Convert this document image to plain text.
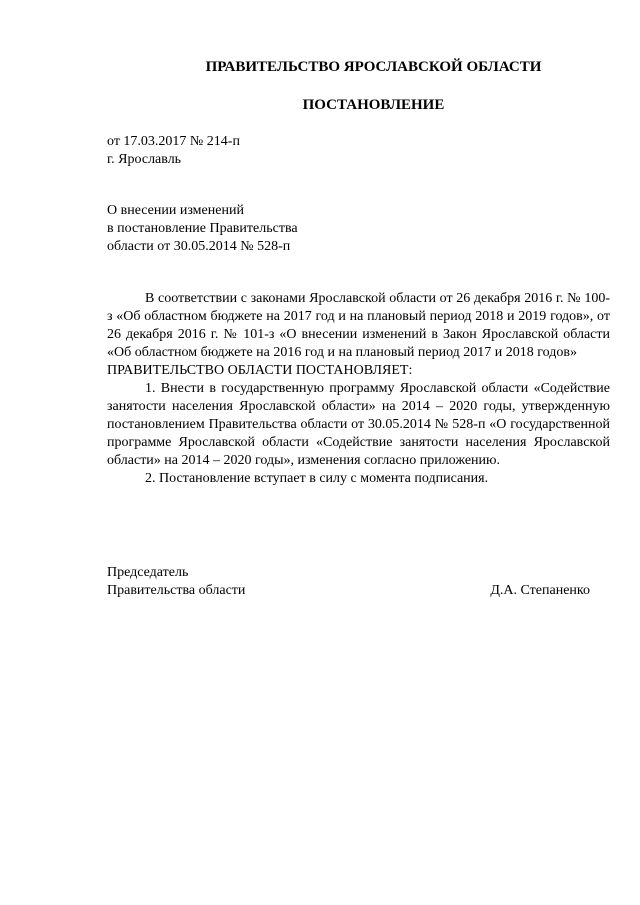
ПРАВИТЕЛЬСТВО ЯРОСЛАВСКОЙ ОБЛАСТИ
ПОСТАНОВЛЕНИЕ
от 17.03.2017 № 214-п
г. Ярославль
О внесении изменений
в постановление Правительства
области от 30.05.2014 № 528-п

В соответствии с законами Ярославской области от 26 декабря 2016 г. № 100-з «Об областном бюджете на 2017 год и на плановый период 2018 и 2019 годов», от 26 декабря 2016 г. № 101-з «О внесении изменений в Закон Ярославской области «Об областном бюджете на 2016 год и на плановый период 2017 и 2018 годов»

ПРАВИТЕЛЬСТВО ОБЛАСТИ ПОСТАНОВЛЯЕТ:

1. Внести в государственную программу Ярославской области «Содействие занятости населения Ярославской области» на 2014 – 2020 годы, утвержденную постановлением Правительства области от 30.05.2014 № 528-п «О государственной программе Ярославской области «Содействие занятости населения Ярославской области» на 2014 – 2020 годы», изменения согласно приложению.

2. Постановление вступает в силу с момента подписания.

Председатель
Правительства области	Д.А. Степаненко
